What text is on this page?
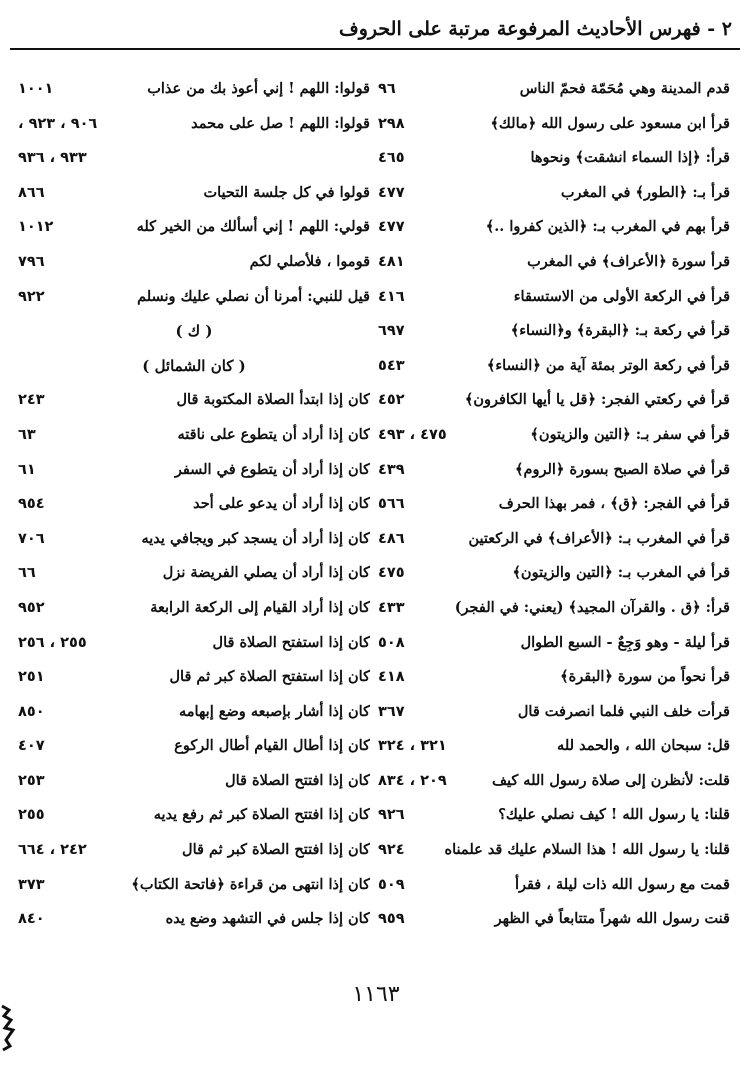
٢ - فهرس الأحاديث المرفوعة مرتبة على الحروف
قدم المدينة وهي مُحَمّة فحمّ الناس
٩٦
قرأ ابن مسعود على رسول الله ﴿مالك﴾
٢٩٨
قرأ: ﴿إذا السماء انشقت﴾ ونحوها
٤٦٥
قرأ بـ: ﴿الطور﴾ في المغرب
٤٧٧
قرأ بهم في المغرب بـ: ﴿الذين كفروا ..﴾
٤٧٧
قرأ سورة ﴿الأعراف﴾ في المغرب
٤٨١
قرأ في الركعة الأولى من الاستسقاء
٤١٦
قرأ في ركعة بـ: ﴿البقرة﴾ و﴿النساء﴾
٦٩٧
قرأ في ركعة الوتر بمئة آية من ﴿النساء﴾
٥٤٣
قرأ في ركعتي الفجر: ﴿قل يا أيها الكافرون﴾
٤٥٢
قرأ في سفر بـ: ﴿التين والزيتون﴾
٤٧٥ ، ٤٩٣
قرأ في صلاة الصبح بسورة ﴿الروم﴾
٤٣٩
قرأ في الفجر: ﴿ق﴾ ، فمر بهذا الحرف
٥٦٦
قرأ في المغرب بـ: ﴿الأعراف﴾ في الركعتين
٤٨٦
قرأ في المغرب بـ: ﴿التين والزيتون﴾
٤٧٥
قرأ: ﴿ق . والقرآن المجيد﴾ (يعني: في الفجر)
٤٣٣
قرأ ليلة - وهو وَجِعٌ - السبع الطوال
٥٠٨
قرأ نحواً من سورة ﴿البقرة﴾
٤١٨
قرأت خلف النبي فلما انصرفت قال
٣٦٧
قل: سبحان الله ، والحمد لله
٣٢١ ، ٣٢٤
قلت: لأنظرن إلى صلاة رسول الله كيف
٢٠٩ ، ٨٣٤
قلنا: يا رسول الله ! كيف نصلي عليك؟
٩٢٦
قلنا: يا رسول الله ! هذا السلام عليك قد علمناه
٩٢٤
قمت مع رسول الله ذات ليلة ، فقرأ
٥٠٩
قنت رسول الله شهراً متتابعاً في الظهر
٩٥٩
قولوا: اللهم ! إني أعوذ بك من عذاب
١٠٠١
قولوا: اللهم ! صل على محمد
٩٠٦ ، ٩٢٣ ،
٩٣٣ ، ٩٣٦
قولوا في كل جلسة التحيات
٨٦٦
قولي: اللهم ! إني أسألك من الخير كله
١٠١٢
قوموا ، فلأصلي لكم
٧٩٦
قيل للنبي: أمرنا أن نصلي عليك ونسلم
٩٢٢
( ك )
( كان الشمائل )
كان إذا ابتدأ الصلاة المكتوبة قال
٢٤٣
كان إذا أراد أن يتطوع على ناقته
٦٣
كان إذا أراد أن يتطوع في السفر
٦١
كان إذا أراد أن يدعو على أحد
٩٥٤
كان إذا أراد أن يسجد كبر ويجافي يديه
٧٠٦
كان إذا أراد أن يصلي الفريضة نزل
٦٦
كان إذا أراد القيام إلى الركعة الرابعة
٩٥٢
كان إذا استفتح الصلاة قال
٢٥٥ ، ٢٥٦
كان إذا استفتح الصلاة كبر ثم قال
٢٥١
كان إذا أشار بإصبعه وضع إبهامه
٨٥٠
كان إذا أطال القيام أطال الركوع
٤٠٧
كان إذا افتتح الصلاة قال
٢٥٣
كان إذا افتتح الصلاة كبر ثم رفع يديه
٢٥٥
كان إذا افتتح الصلاة كبر ثم قال
٢٤٢ ، ٦٦٤
كان إذا انتهى من قراءة ﴿فاتحة الكتاب﴾
٣٧٣
كان إذا جلس في التشهد وضع يده
٨٤٠
١١٦٣
